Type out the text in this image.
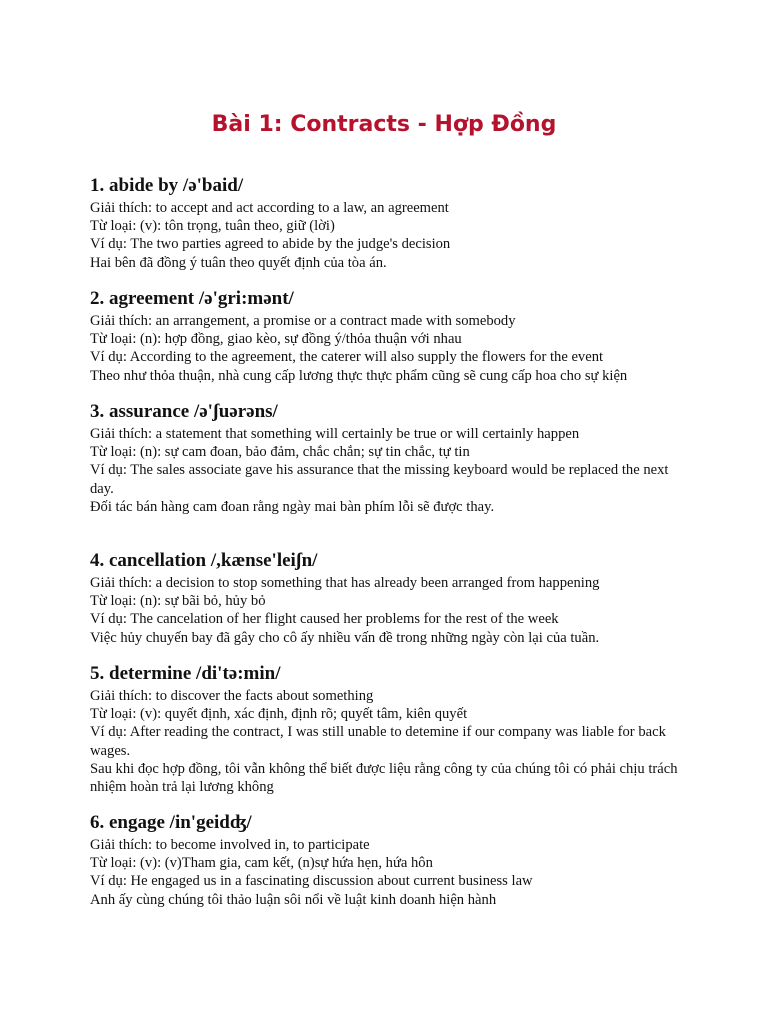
Bài 1: Contracts - Hợp Đồng

1. abide by /ə'baid/

Giải thích: to accept and act according to a law, an agreement

Từ loại: (v): tôn trọng, tuân theo, giữ (lời)

Ví dụ: The two parties agreed to abide by the judge's decision

Hai bên đã đồng ý tuân theo quyết định của tòa án.

2. agreement /ə'gri:mənt/

Giải thích: an arrangement, a promise or a contract made with somebody

Từ loại: (n): hợp đồng, giao kèo, sự đồng ý/thỏa thuận với nhau

Ví dụ: According to the agreement, the caterer will also supply the flowers for the event

Theo như thỏa thuận, nhà cung cấp lương thực thực phẩm cũng sẽ cung cấp hoa cho sự kiện

3. assurance /ə'ʃuərəns/

Giải thích: a statement that something will certainly be true or will certainly happen

Từ loại: (n): sự cam đoan, bảo đảm, chắc chắn; sự tin chắc, tự tin

Ví dụ: The sales associate gave his assurance that the missing keyboard would be replaced the next day.

Đối tác bán hàng cam đoan rằng ngày mai bàn phím lỗi sẽ được thay.

4. cancellation /,kænse'leiʃn/

Giải thích: a decision to stop something that has already been arranged from happening

Từ loại: (n): sự bãi bỏ, hủy bỏ

Ví dụ: The cancelation of her flight caused her problems for the rest of the week

Việc hủy chuyến bay đã gây cho cô ấy nhiều vấn đề trong những ngày còn lại của tuần.

5. determine /di'tə:min/

Giải thích: to discover the facts about something

Từ loại: (v): quyết định, xác định, định rõ; quyết tâm, kiên quyết

Ví dụ: After reading the contract, I was still unable to detemine if our company was liable for back wages.

Sau khi đọc hợp đồng, tôi vẫn không thể biết được liệu rằng công ty của chúng tôi có phải chịu trách nhiệm hoàn trả lại lương không

6. engage /in'geidʤ/

Giải thích: to become involved in, to participate

Từ loại: (v): (v)Tham gia, cam kết, (n)sự hứa hẹn, hứa hôn

Ví dụ: He engaged us in a fascinating discussion about current business law

Anh ấy cùng chúng tôi thảo luận sôi nổi về luật kinh doanh hiện hành
